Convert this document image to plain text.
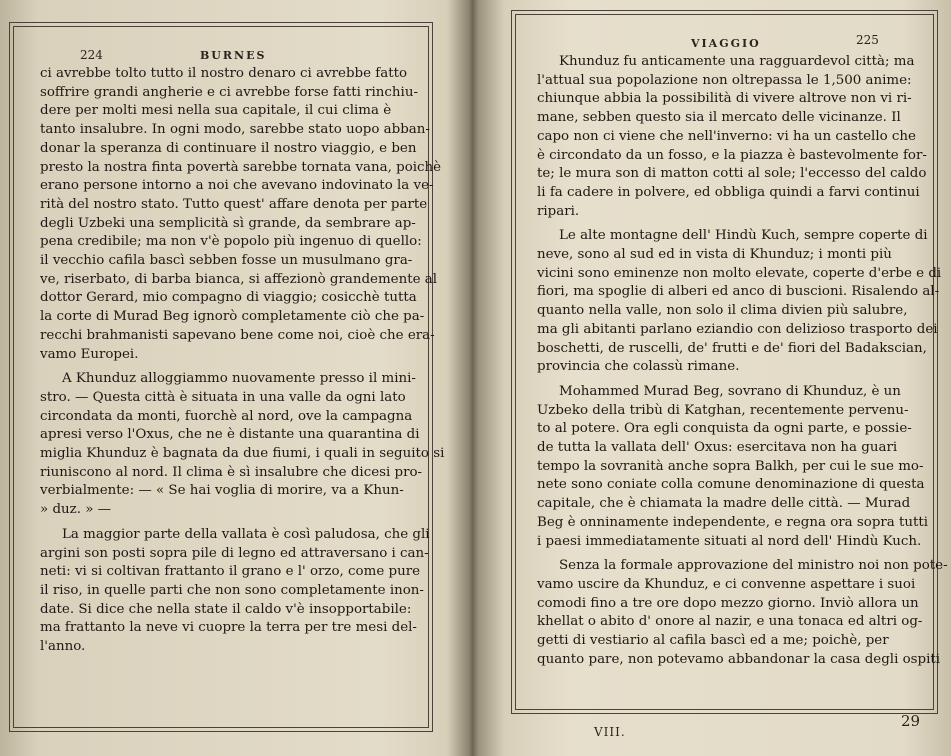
224	BURNES
ci avrebbe tolto tutto il nostro denaro ci avrebbe fatto
soffrire grandi angherie e ci avrebbe forse fatti rinchiu-
dere per molti mesi nella sua capitale, il cui clima è
tanto insalubre. In ogni modo, sarebbe stato uopo abban-
donar la speranza di continuare il nostro viaggio, e ben
presto la nostra finta povertà sarebbe tornata vana, poichè
erano persone intorno a noi che avevano indovinato la ve-
rità del nostro stato. Tutto quest' affare denota per parte
degli Uzbeki una semplicità sì grande, da sembrare ap-
pena credibile; ma non v'è popolo più ingenuo di quello:
il vecchio cafila bascì sebben fosse un musulmano gra-
ve, riserbato, di barba bianca, si affezionò grandemente al
dottor Gerard, mio compagno di viaggio; cosicchè tutta
la corte di Murad Beg ignorò completamente ciò che pa-
recchi brahmanisti sapevano bene come noi, cioè che era-
vamo Europei.
A Khunduz alloggiammo nuovamente presso il mini-
stro. — Questa città è situata in una valle da ogni lato
circondata da monti, fuorchè al nord, ove la campagna
apresi verso l'Oxus, che ne è distante una quarantina di
miglia Khunduz è bagnata da due fiumi, i quali in seguito si
riuniscono al nord. Il clima è sì insalubre che dicesi pro-
verbialmente: — « Se hai voglia di morire, va a Khun-
» duz. » —
La maggior parte della vallata è così paludosa, che gli
argini son posti sopra pile di legno ed attraversano i can-
neti: vi si coltivan frattanto il grano e l' orzo, come pure
il riso, in quelle parti che non sono completamente inon-
date. Si dice che nella state il caldo v'è insopportabile:
ma frattanto la neve vi cuopre la terra per tre mesi del-
l'anno.
VIAGGIO	225
Khunduz fu anticamente una ragguardevol città; ma
l'attual sua popolazione non oltrepassa le 1,500 anime:
chiunque abbia la possibilità di vivere altrove non vi ri-
mane, sebben questo sia il mercato delle vicinanze. Il
capo non ci viene che nell'inverno: vi ha un castello che
è circondato da un fosso, e la piazza è bastevolmente for-
te; le mura son di matton cotti al sole; l'eccesso del caldo
li fa cadere in polvere, ed obbliga quindi a farvi continui
ripari.
Le alte montagne dell' Hindù Kuch, sempre coperte di
neve, sono al sud ed in vista di Khunduz; i monti più
vicini sono eminenze non molto elevate, coperte d'erbe e di
fiori, ma spoglie di alberi ed anco di buscioni. Risalendo al-
quanto nella valle, non solo il clima divien più salubre,
ma gli abitanti parlano eziandio con delizioso trasporto dei
boschetti, de ruscelli, de' frutti e de' fiori del Badakscian,
provincia che colassù rimane.
Mohammed Murad Beg, sovrano di Khunduz, è un
Uzbeko della tribù di Katghan, recentemente pervenu-
to al potere. Ora egli conquista da ogni parte, e possie-
de tutta la vallata dell' Oxus: esercitava non ha guari
tempo la sovranità anche sopra Balkh, per cui le sue mo-
nete sono coniate colla comune denominazione di questa
capitale, che è chiamata la madre delle città. — Murad
Beg è onninamente independente, e regna ora sopra tutti
i paesi immediatamente situati al nord dell' Hindù Kuch.
Senza la formale approvazione del ministro noi non pote-
vamo uscire da Khunduz, e ci convenne aspettare i suoi
comodi fino a tre ore dopo mezzo giorno. Inviò allora un
khellat o abito d' onore al nazir, e una tonaca ed altri og-
getti di vestiario al cafila bascì ed a me; poichè, per
quanto pare, non potevamo abbandonar la casa degli ospiti
VIII.
29
